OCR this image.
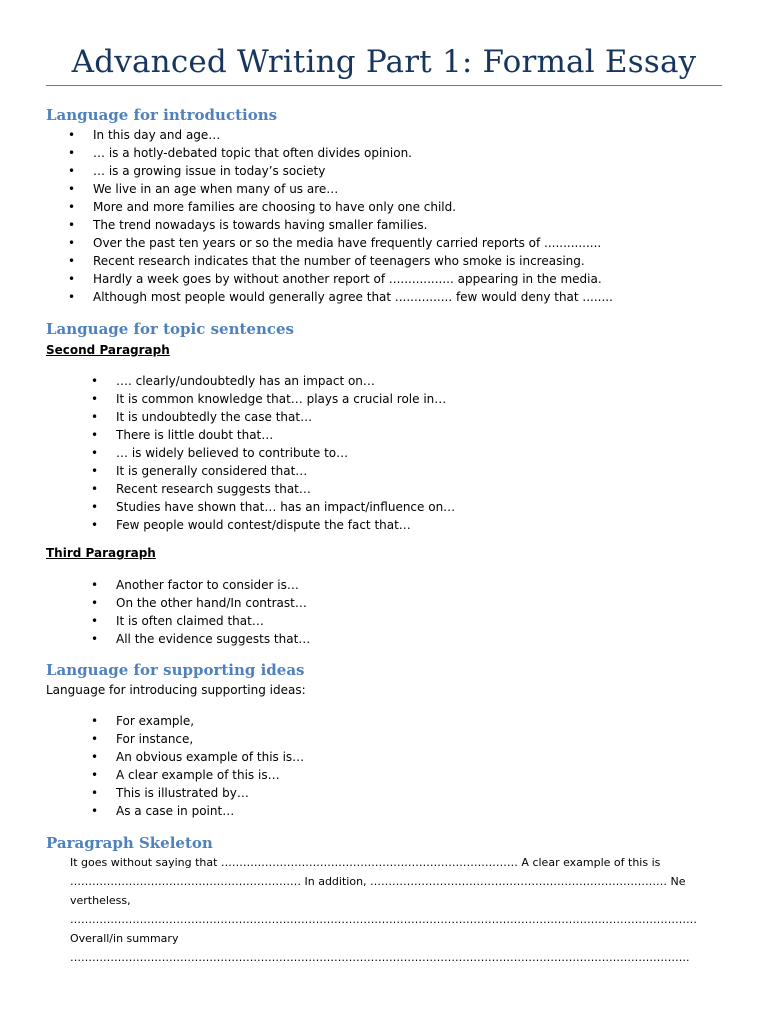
Advanced Writing Part 1: Formal Essay
Language for introductions
• In this day and age…
• … is a hotly-debated topic that often divides opinion.
• … is a growing issue in today’s society
• We live in an age when many of us are…
• More and more families are choosing to have only one child.
• The trend nowadays is towards having smaller families.
• Over the past ten years or so the media have frequently carried reports of ...............
• Recent research indicates that the number of teenagers who smoke is increasing.
• Hardly a week goes by without another report of ................. appearing in the media.
• Although most people would generally agree that ............... few would deny that ........
Language for topic sentences
Second Paragraph
• …. clearly/undoubtedly has an impact on…
• It is common knowledge that… plays a crucial role in…
• It is undoubtedly the case that…
• There is little doubt that…
• … is widely believed to contribute to…
• It is generally considered that…
• Recent research suggests that…
• Studies have shown that… has an impact/influence on…
• Few people would contest/dispute the fact that…
Third Paragraph
• Another factor to consider is…
• On the other hand/In contrast…
• It is often claimed that…
• All the evidence suggests that…
Language for supporting ideas
Language for introducing supporting ideas:
• For example,
• For instance,
• An obvious example of this is…
• A clear example of this is…
• This is illustrated by…
• As a case in point…
Paragraph Skeleton
It goes without saying that ……………………………………………………………………… A clear example of this is ……………………………………………………… In addition, ……………………………………………………………………… Nevertheless, ……………………………………………………………………………………………………………………………………………………… Overall/in summary …………………………………………………………………………………………………………………………………………………….
